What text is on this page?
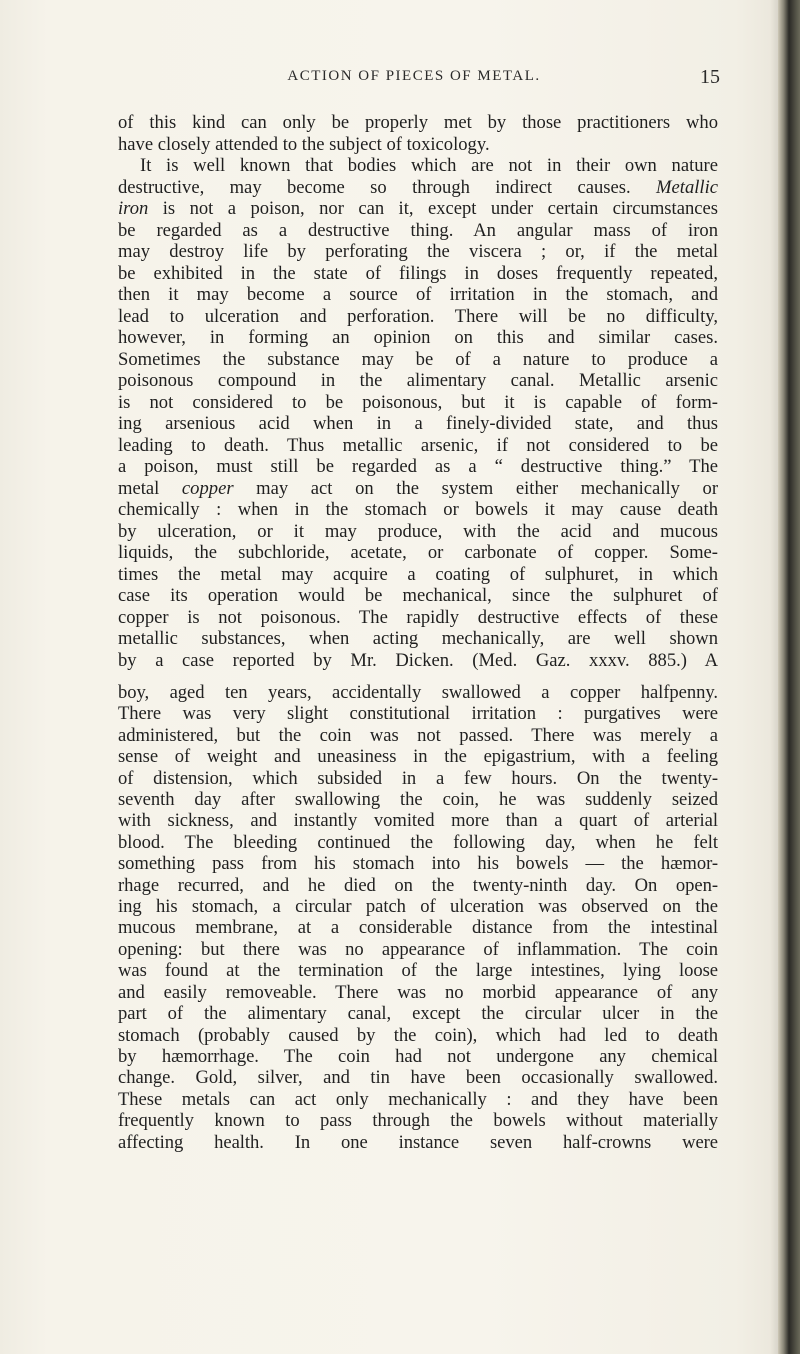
ACTION OF PIECES OF METAL.	15
of this kind can only be properly met by those practitioners who
have closely attended to the subject of toxicology.
It is well known that bodies which are not in their own nature
destructive, may become so through indirect causes. Metallic
iron is not a poison, nor can it, except under certain circumstances
be regarded as a destructive thing. An angular mass of iron
may destroy life by perforating the viscera ; or, if the metal
be exhibited in the state of filings in doses frequently repeated,
then it may become a source of irritation in the stomach, and
lead to ulceration and perforation. There will be no difficulty,
however, in forming an opinion on this and similar cases.
Sometimes the substance may be of a nature to produce a
poisonous compound in the alimentary canal. Metallic arsenic
is not considered to be poisonous, but it is capable of form-
ing arsenious acid when in a finely-divided state, and thus
leading to death. Thus metallic arsenic, if not considered to be
a poison, must still be regarded as a “ destructive thing.” The
metal copper may act on the system either mechanically or
chemically : when in the stomach or bowels it may cause death
by ulceration, or it may produce, with the acid and mucous
liquids, the subchloride, acetate, or carbonate of copper. Some-
times the metal may acquire a coating of sulphuret, in which
case its operation would be mechanical, since the sulphuret of
copper is not poisonous. The rapidly destructive effects of these
metallic substances, when acting mechanically, are well shown
by a case reported by Mr. Dicken. (Med. Gaz. xxxv. 885.) A
boy, aged ten years, accidentally swallowed a copper halfpenny.
There was very slight constitutional irritation : purgatives were
administered, but the coin was not passed. There was merely a
sense of weight and uneasiness in the epigastrium, with a feeling
of distension, which subsided in a few hours. On the twenty-
seventh day after swallowing the coin, he was suddenly seized
with sickness, and instantly vomited more than a quart of arterial
blood. The bleeding continued the following day, when he felt
something pass from his stomach into his bowels — the hæmor-
rhage recurred, and he died on the twenty-ninth day. On open-
ing his stomach, a circular patch of ulceration was observed on the
mucous membrane, at a considerable distance from the intestinal
opening: but there was no appearance of inflammation. The coin
was found at the termination of the large intestines, lying loose
and easily removeable. There was no morbid appearance of any
part of the alimentary canal, except the circular ulcer in the
stomach (probably caused by the coin), which had led to death
by hæmorrhage. The coin had not undergone any chemical
change. Gold, silver, and tin have been occasionally swallowed.
These metals can act only mechanically : and they have been
frequently known to pass through the bowels without materially
affecting health. In one instance seven half-crowns were
